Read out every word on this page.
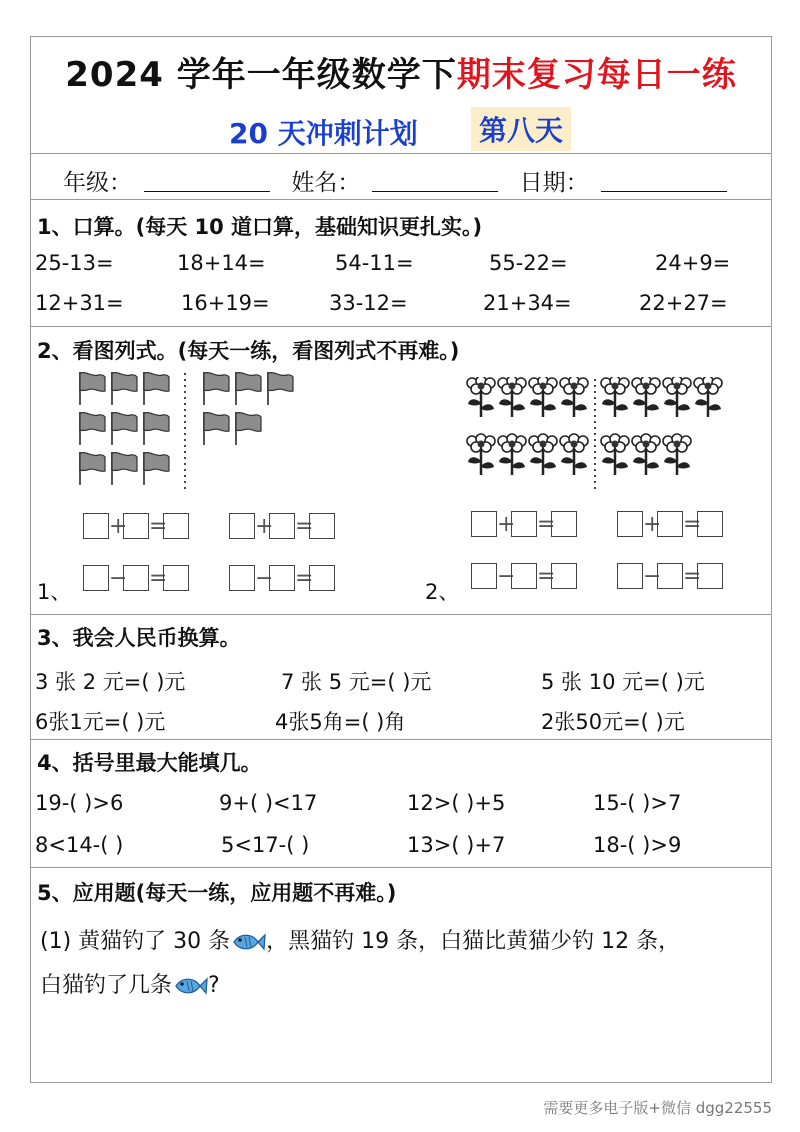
2024 学年一年级数学下期末复习每日一练
20 天冲刺计划 第八天
年级：	姓名：	日期：
1、口算。(每天 10 道口算，基础知识更扎实。)
25-13=	18+14=	54-11=	55-22=	24+9=
12+31=	16+19=	33-12=	21+34=	22+27=
2、看图列式。(每天一练，看图列式不再难。)
+ =	+ =
1、
− =	− =
+ =	+ =
2、
− =	− =
3、我会人民币换算。
3 张 2 元=( )元	7 张 5 元=( )元	5 张 10 元=( )元
6张1元=( )元	4张5角=( )角	2张50元=( )元
4、括号里最大能填几。
19-( )>6	9+( )<17	12>( )+5	15-( )>7
8<14-( )	5<17-( )	13>( )+7	18-( )>9
5、应用题(每天一练，应用题不再难。)
(1) 黄猫钓了 30 条 ，黑猫钓 19 条，白猫比黄猫少钓 12 条，
白猫钓了几条 ?
需要更多电子版+微信 dgg22555
